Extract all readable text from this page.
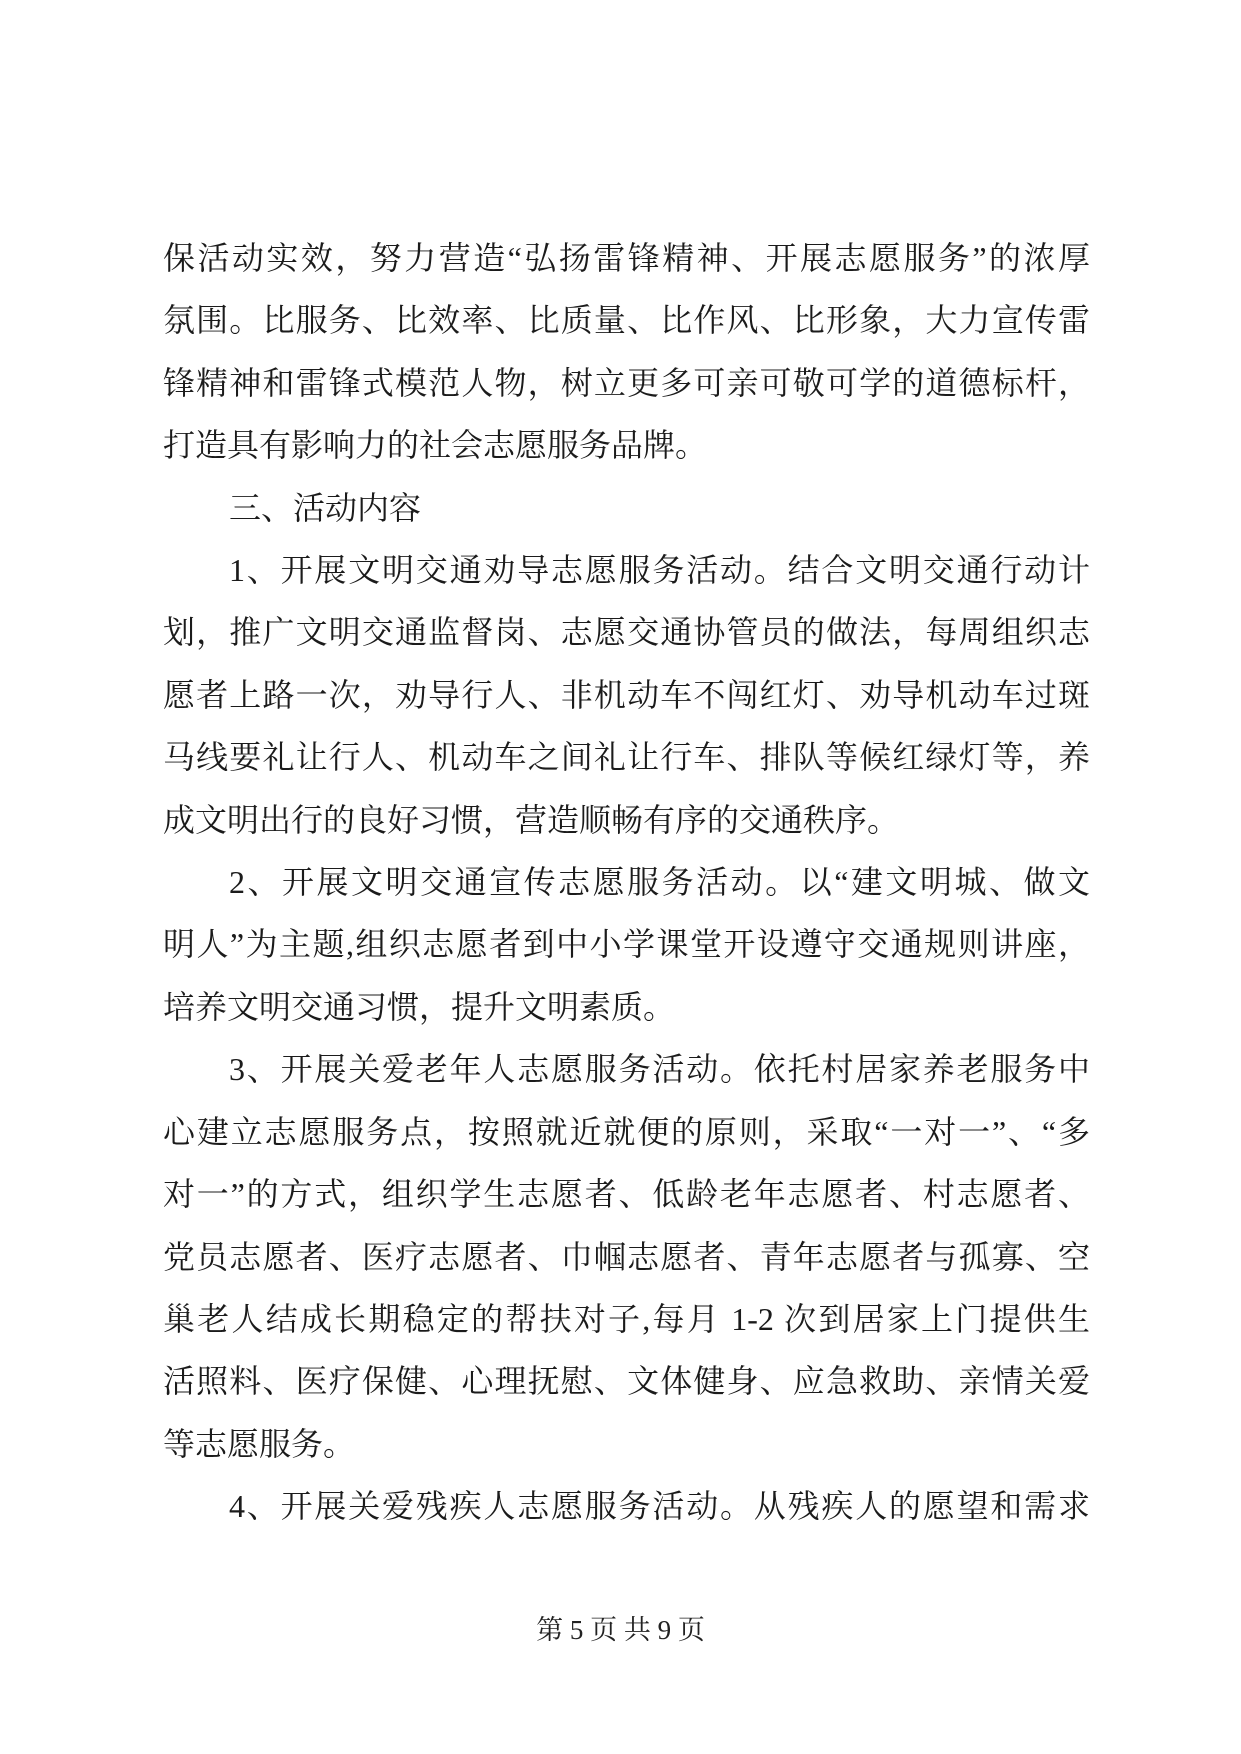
保活动实效，努力营造“弘扬雷锋精神、开展志愿服务”的浓厚
氛围。比服务、比效率、比质量、比作风、比形象，大力宣传雷
锋精神和雷锋式模范人物，树立更多可亲可敬可学的道德标杆，
打造具有影响力的社会志愿服务品牌。
三、活动内容
1、开展文明交通劝导志愿服务活动。结合文明交通行动计
划，推广文明交通监督岗、志愿交通协管员的做法，每周组织志
愿者上路一次，劝导行人、非机动车不闯红灯、劝导机动车过斑
马线要礼让行人、机动车之间礼让行车、排队等候红绿灯等，养
成文明出行的良好习惯，营造顺畅有序的交通秩序。
2、开展文明交通宣传志愿服务活动。以“建文明城、做文
明人”为主题,组织志愿者到中小学课堂开设遵守交通规则讲座，
培养文明交通习惯，提升文明素质。
3、开展关爱老年人志愿服务活动。依托村居家养老服务中
心建立志愿服务点，按照就近就便的原则，采取“一对一”、“多
对一”的方式，组织学生志愿者、低龄老年志愿者、村志愿者、
党员志愿者、医疗志愿者、巾帼志愿者、青年志愿者与孤寡、空
巢老人结成长期稳定的帮扶对子,每月 1-2 次到居家上门提供生
活照料、医疗保健、心理抚慰、文体健身、应急救助、亲情关爱
等志愿服务。
4、开展关爱残疾人志愿服务活动。从残疾人的愿望和需求
第 5 页 共 9 页
